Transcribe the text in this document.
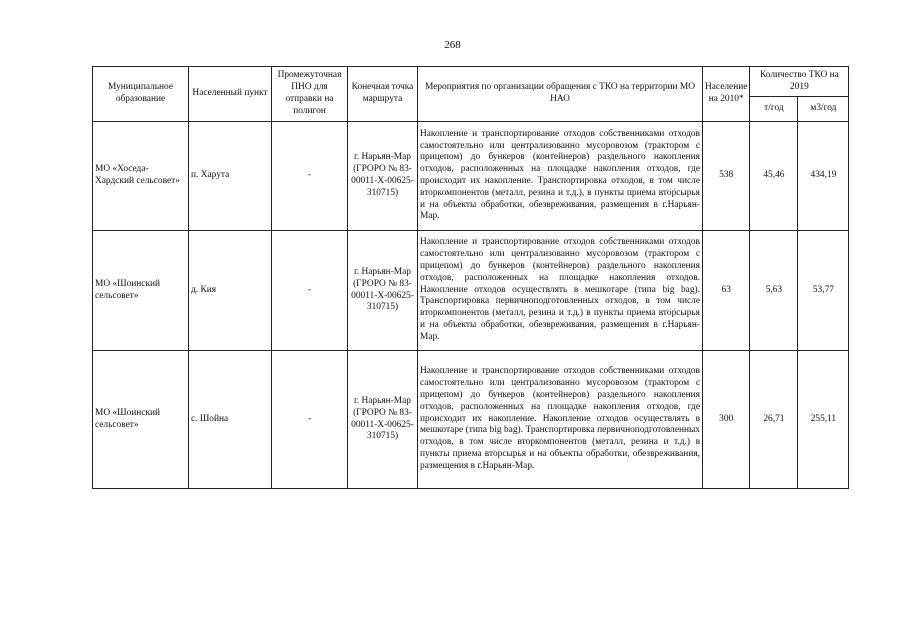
268
Муниципальное образование	Населенный пункт	Промежуточная ПНО для отправки на полигон	Конечная точка маршрута	Мероприятия по организации обращения с ТКО на территории МО НАО	Население на 2010*	Количество ТКО на 2019	
						т/год	м3/год
МО «Хоседа-Хардский сельсовет»	п. Харута	-	г. Нарьян-Мар (ГРОРО № 83-00011-Х-00625-310715)	Накопление и транспортирование отходов собственниками отходов самостоятельно или централизованно мусоровозом (трактором с прицепом) до бункеров (контейнеров) раздельного накопления отходов, расположенных на площадке накопления отходов, где происходит их накопление. Транспортировка отходов, в том числе вторкомпонентов (металл, резина и т.д.), в пункты приема вторсырья и на объекты обработки, обезвреживания, размещения в г.Нарьян-Мар.	538	45,46	434,19
МО «Шоинский сельсовет»	д. Кия	-	г. Нарьян-Мар (ГРОРО № 83-00011-Х-00625-310715)	Накопление и транспортирование отходов собственниками отходов самостоятельно или централизованно мусоровозом (трактором с прицепом) до бункеров (контейнеров) раздельного накопления отходов, расположенных на площадке накопления отходов. Накопление отходов осуществлять в мешкотаре (типа big bag). Транспортировка первичноподготовленных отходов, в том числе вторкомпонентов (металл, резина и т.д.) в пункты приема вторсырья и на объекты обработки, обезвреживания, размещения в г.Нарьян-Мар.	63	5,63	53,77
МО «Шоинский сельсовет»	с. Шойна	-	г. Нарьян-Мар (ГРОРО № 83-00011-Х-00625-310715)	Накопление и транспортирование отходов собственниками отходов самостоятельно или централизованно мусоровозом (трактором с прицепом) до бункеров (контейнеров) раздельного накопления отходов, расположенных на площадке накопления отходов, где происходит их накопление. Накопление отходов осуществлять в мешкотаре (типа big bag). Транспортировка первичноподготовленных отходов, в том числе вторкомпонентов (металл, резина и т.д.) в пункты приема вторсырья и на объекты обработки, обезвреживания, размещения в г.Нарьян-Мар.	300	26,71	255,11
